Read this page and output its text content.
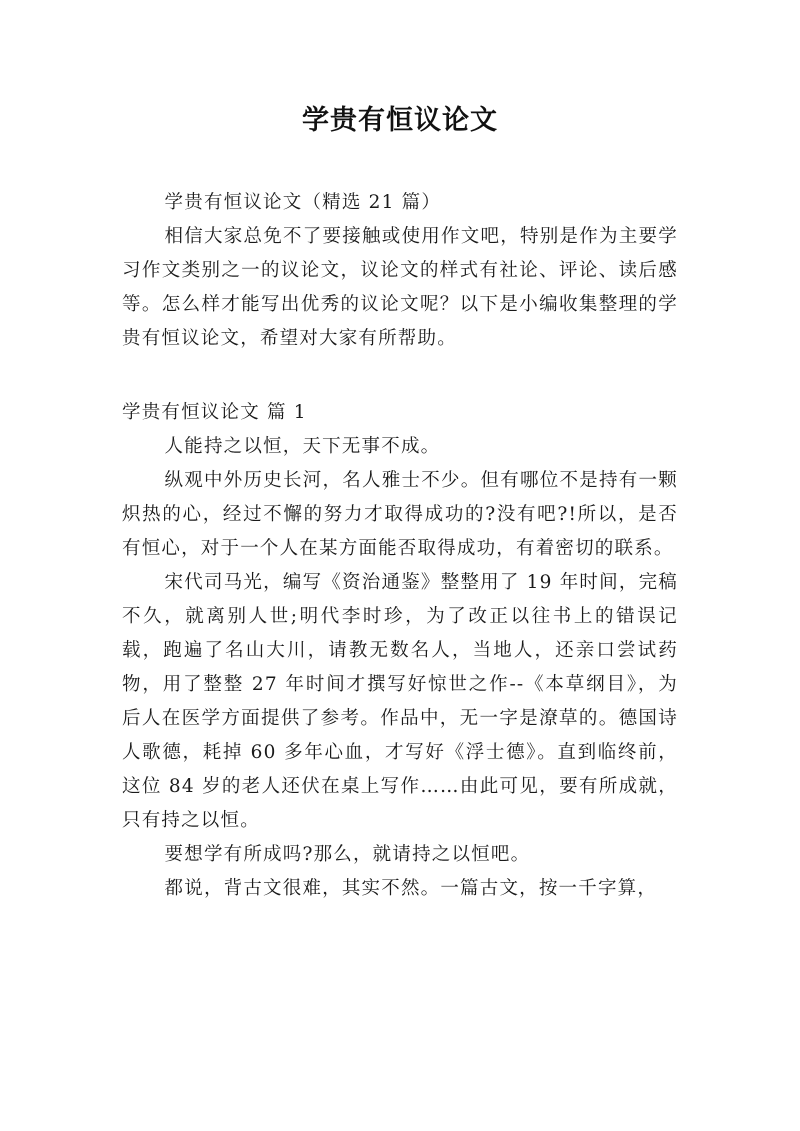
学贵有恒议论文

学贵有恒议论文（精选 21 篇）

相信大家总免不了要接触或使用作文吧，特别是作为主要学习作文类别之一的议论文，议论文的样式有社论、评论、读后感等。怎么样才能写出优秀的议论文呢？以下是小编收集整理的学贵有恒议论文，希望对大家有所帮助。

学贵有恒议论文 篇 1

人能持之以恒，天下无事不成。

纵观中外历史长河，名人雅士不少。但有哪位不是持有一颗炽热的心，经过不懈的努力才取得成功的?没有吧?!所以，是否有恒心，对于一个人在某方面能否取得成功，有着密切的联系。

宋代司马光，编写《资治通鉴》整整用了 19 年时间，完稿不久，就离别人世;明代李时珍，为了改正以往书上的错误记载，跑遍了名山大川，请教无数名人，当地人，还亲口尝试药物，用了整整 27 年时间才撰写好惊世之作--《本草纲目》，为后人在医学方面提供了参考。作品中，无一字是潦草的。德国诗人歌德，耗掉 60 多年心血，才写好《浮士德》。直到临终前，这位 84 岁的老人还伏在桌上写作……由此可见，要有所成就，只有持之以恒。

要想学有所成吗?那么，就请持之以恒吧。

都说，背古文很难，其实不然。一篇古文，按一千字算，
